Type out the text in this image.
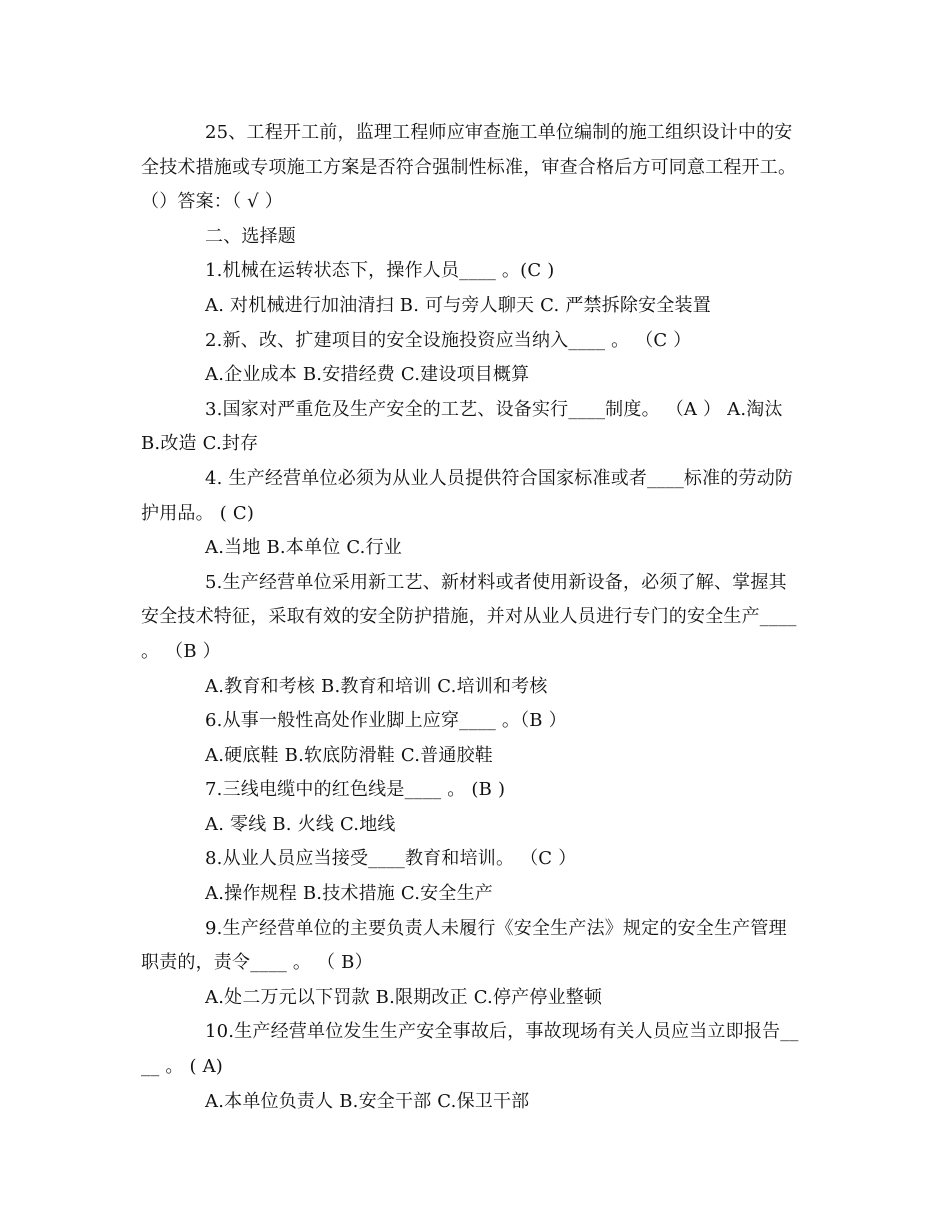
25、工程开工前，监理工程师应审查施工单位编制的施工组织设计中的安
全技术措施或专项施工方案是否符合强制性标准，审查合格后方可同意工程开工。
（）答案：（ √ ）
二、选择题
1.机械在运转状态下，操作人员____ 。(C )
A. 对机械进行加油清扫 B. 可与旁人聊天 C. 严禁拆除安全装置
2.新、改、扩建项目的安全设施投资应当纳入____ 。 （C ）
A.企业成本 B.安措经费 C.建设项目概算
3.国家对严重危及生产安全的工艺、设备实行____制度。 （A ） A.淘汰
B.改造 C.封存
4. 生产经营单位必须为从业人员提供符合国家标准或者____标准的劳动防
护用品。 ( C)
A.当地 B.本单位 C.行业
5.生产经营单位采用新工艺、新材料或者使用新设备，必须了解、掌握其
安全技术特征，采取有效的安全防护措施，并对从业人员进行专门的安全生产____
。 （B ）
A.教育和考核 B.教育和培训 C.培训和考核
6.从事一般性高处作业脚上应穿____ 。（B ）
A.硬底鞋 B.软底防滑鞋 C.普通胶鞋
7.三线电缆中的红色线是____ 。 (B )
A. 零线 B. 火线 C.地线
8.从业人员应当接受____教育和培训。 （C ）
A.操作规程 B.技术措施 C.安全生产
9.生产经营单位的主要负责人未履行《安全生产法》规定的安全生产管理
职责的，责令____ 。 （ B）
A.处二万元以下罚款 B.限期改正 C.停产停业整顿
10.生产经营单位发生生产安全事故后，事故现场有关人员应当立即报告__
__ 。 ( A)
A.本单位负责人 B.安全干部 C.保卫干部
